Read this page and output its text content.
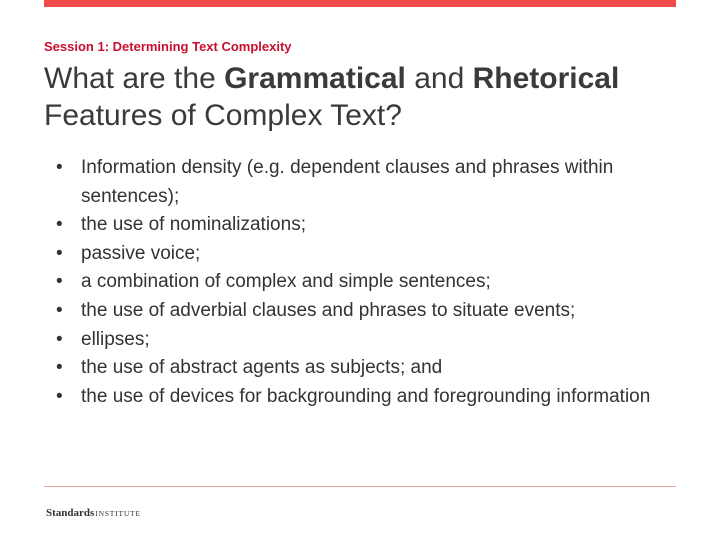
Session 1: Determining Text Complexity
What are the Grammatical and Rhetorical Features of Complex Text?
• Information density (e.g. dependent clauses and phrases within sentences);
• the use of nominalizations;
• passive voice;
• a combination of complex and simple sentences;
• the use of adverbial clauses and phrases to situate events;
• ellipses;
• the use of abstract agents as subjects; and
• the use of devices for backgrounding and foregrounding information
StandardsINSTITUTE
